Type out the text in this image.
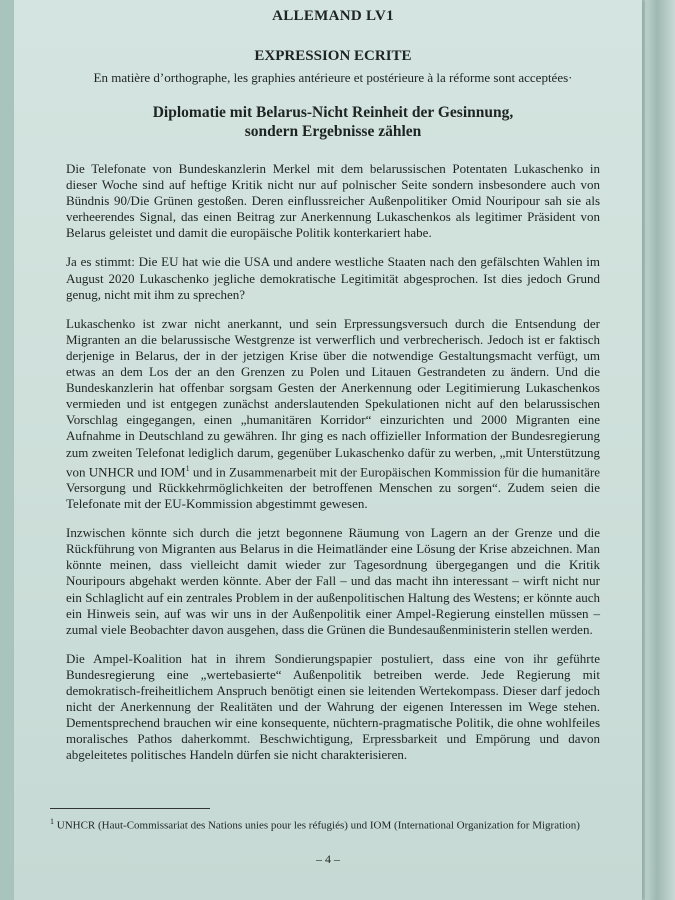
ALLEMAND LV1

EXPRESSION ECRITE

En matière d’orthographe, les graphies antérieure et postérieure à la réforme sont acceptées·

Diplomatie mit Belarus-Nicht Reinheit der Gesinnung,
sondern Ergebnisse zählen

Die Telefonate von Bundeskanzlerin Merkel mit dem belarussischen Potentaten Lukaschenko in dieser Woche sind auf heftige Kritik nicht nur auf polnischer Seite sondern insbesondere auch von Bündnis 90/Die Grünen gestoßen. Deren einflussreicher Außenpolitiker Omid Nouripour sah sie als verheerendes Signal, das einen Beitrag zur Anerkennung Lukaschenkos als legitimer Präsident von Belarus geleistet und damit die europäische Politik konterkariert habe.

Ja es stimmt: Die EU hat wie die USA und andere westliche Staaten nach den gefälschten Wahlen im August 2020 Lukaschenko jegliche demokratische Legitimität abgesprochen. Ist dies jedoch Grund genug, nicht mit ihm zu sprechen?

Lukaschenko ist zwar nicht anerkannt, und sein Erpressungsversuch durch die Entsendung der Migranten an die belarussische Westgrenze ist verwerflich und verbrecherisch. Jedoch ist er faktisch derjenige in Belarus, der in der jetzigen Krise über die notwendige Gestaltungsmacht verfügt, um etwas an dem Los der an den Grenzen zu Polen und Litauen Gestrandeten zu ändern. Und die Bundeskanzlerin hat offenbar sorgsam Gesten der Anerkennung oder Legitimierung Lukaschenkos vermieden und ist entgegen zunächst anderslautenden Spekulationen nicht auf den belarussischen Vorschlag eingegangen, einen „humanitären Korridor“ einzurichten und 2000 Migranten eine Aufnahme in Deutschland zu gewähren. Ihr ging es nach offizieller Information der Bundesregierung zum zweiten Telefonat lediglich darum, gegenüber Lukaschenko dafür zu werben, „mit Unterstützung von UNHCR und IOM$^1$ und in Zusammenarbeit mit der Europäischen Kommission für die humanitäre Versorgung und Rückkehrmöglichkeiten der betroffenen Menschen zu sorgen“. Zudem seien die Telefonate mit der EU-Kommission abgestimmt gewesen.

Inzwischen könnte sich durch die jetzt begonnene Räumung von Lagern an der Grenze und die Rückführung von Migranten aus Belarus in die Heimatländer eine Lösung der Krise abzeichnen. Man könnte meinen, dass vielleicht damit wieder zur Tagesordnung übergegangen und die Kritik Nouripours abgehakt werden könnte. Aber der Fall – und das macht ihn interessant – wirft nicht nur ein Schlaglicht auf ein zentrales Problem in der außenpolitischen Haltung des Westens; er könnte auch ein Hinweis sein, auf was wir uns in der Außenpolitik einer Ampel-Regierung einstellen müssen – zumal viele Beobachter davon ausgehen, dass die Grünen die Bundesaußenministerin stellen werden.

Die Ampel-Koalition hat in ihrem Sondierungspapier postuliert, dass eine von ihr geführte Bundesregierung eine „wertebasierte“ Außenpolitik betreiben werde. Jede Regierung mit demokratisch-freiheitlichem Anspruch benötigt einen sie leitenden Wertekompass. Dieser darf jedoch nicht der Anerkennung der Realitäten und der Wahrung der eigenen Interessen im Wege stehen. Dementsprechend brauchen wir eine konsequente, nüchtern-pragmatische Politik, die ohne wohlfeiles moralisches Pathos daherkommt. Beschwichtigung, Erpressbarkeit und Empörung und davon abgeleitetes politisches Handeln dürfen sie nicht charakterisieren.

$^1$ UNHCR (Haut-Commissariat des Nations unies pour les réfugiés) und IOM (International Organization for Migration)
– 4 –
